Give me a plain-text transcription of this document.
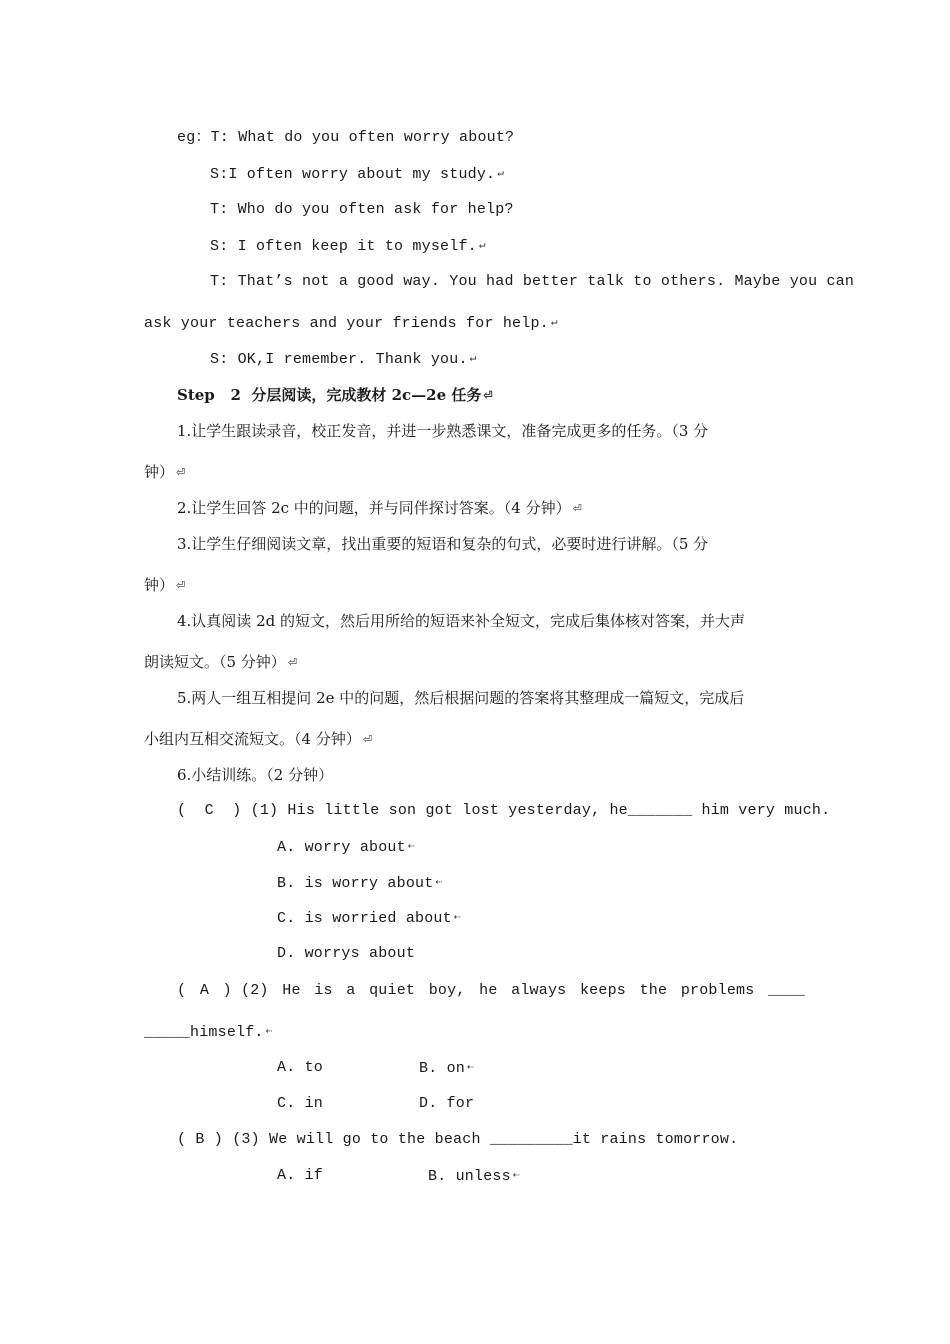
eg：T: What do you often worry about?
S:I often worry about my study. ↵
T: Who do you often ask for help?
S: I often keep it to myself. ↵
T: That’s not a good way. You had better talk to others. Maybe you can
ask your teachers and your friends for help. ↵
S: OK,I remember. Thank you. ↵
Step   2  分层阅读，完成教材 2c—2e 任务 ⏎
1.让学生跟读录音，校正发音，并进一步熟悉课文，准备完成更多的任务。（3 分
钟） ⏎
2.让学生回答 2c 中的问题，并与同伴探讨答案。（4 分钟） ⏎
3.让学生仔细阅读文章，找出重要的短语和复杂的句式，必要时进行讲解。（5 分
钟） ⏎
4.认真阅读 2d 的短文，然后用所给的短语来补全短文，完成后集体核对答案，并大声
朗读短文。（5 分钟） ⏎
5.两人一组互相提问 2e 中的问题，然后根据问题的答案将其整理成一篇短文，完成后
小组内互相交流短文。（4 分钟） ⏎
6.小结训练。（2 分钟）
(  C  ) (1) His little son got lost yesterday, he_______ him very much.
A. worry about ⇠
B. is worry about ⇠
C. is worried about ⇠
D. worrys about
( A ) (2) He is a quiet boy, he always keeps the problems ____
_____himself. ⇠
A. to	B. on ⇠
C. in	D. for
( B ) (3) We will go to the beach _________it rains tomorrow.
A. if	B. unless ⇠
